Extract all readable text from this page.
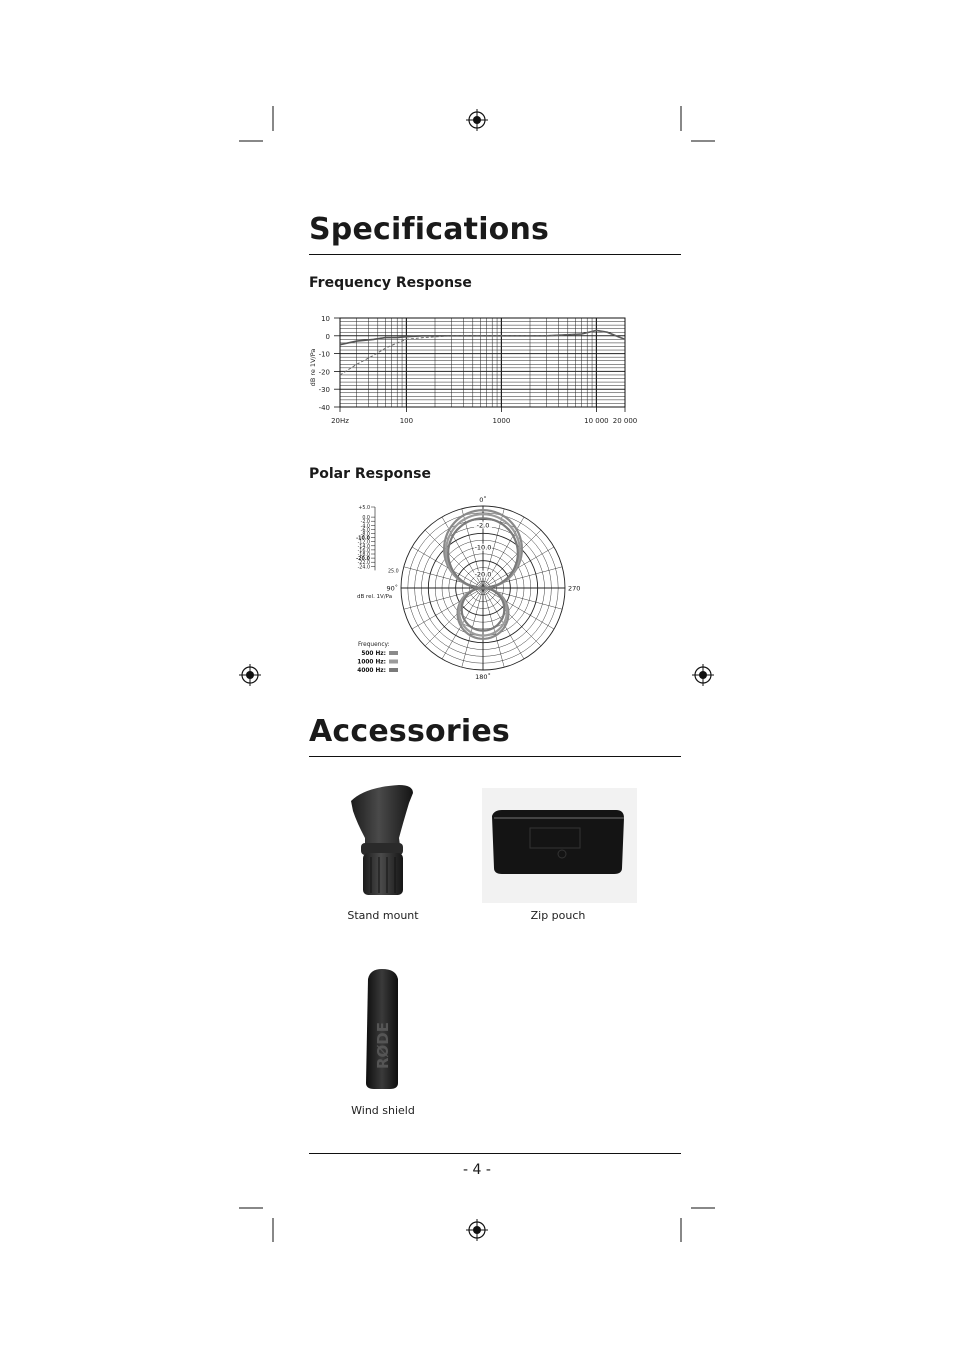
Specifications
Frequency Response
10
0
-10
-20
-30
-40
20Hz	100	1000	10 000 20 000
dB re 1V/Pa
Polar Response
+5.0
0.0
-2.0
-4.0
-6.0
-8.0
-10.0
-12.0
-14.0
-16.0
-18.0
-20.0
-22.0
-24.0
25.0
dB rel. 1V/Pa
-2.0
-10.0
-20.0
0˚
90˚	270
180˚
Frequency:
500 Hz:
1000 Hz:
4000 Hz:
Accessories
Stand mount	Zip pouch
RØDE
Wind shield
- 4 -
